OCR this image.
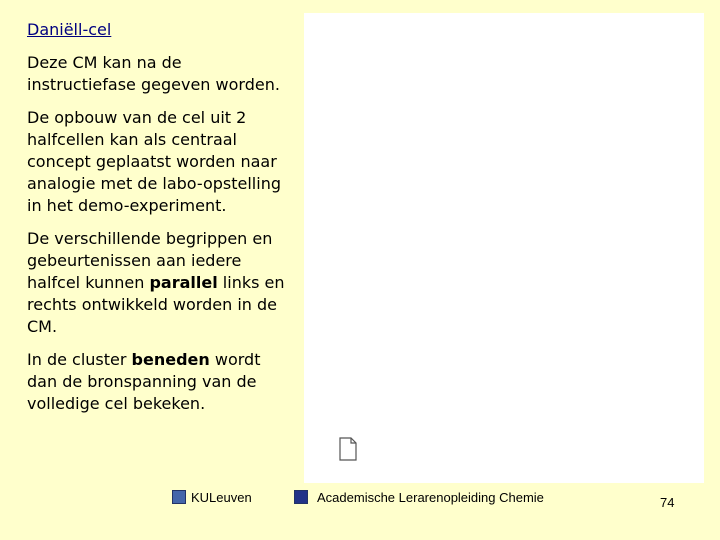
Daniëll-cel

Deze CM kan na de instructiefase gegeven worden.

De opbouw van de cel uit 2 halfcellen kan als centraal concept geplaatst worden naar analogie met de labo-opstelling in het demo-experiment.

De verschillende begrippen en gebeurtenissen aan iedere halfcel kunnen parallel links en rechts ontwikkeld worden in de CM.

In de cluster beneden wordt dan de bronspanning van de volledige cel bekeken.

KULeuven	Academische Lerarenopleiding Chemie	74
